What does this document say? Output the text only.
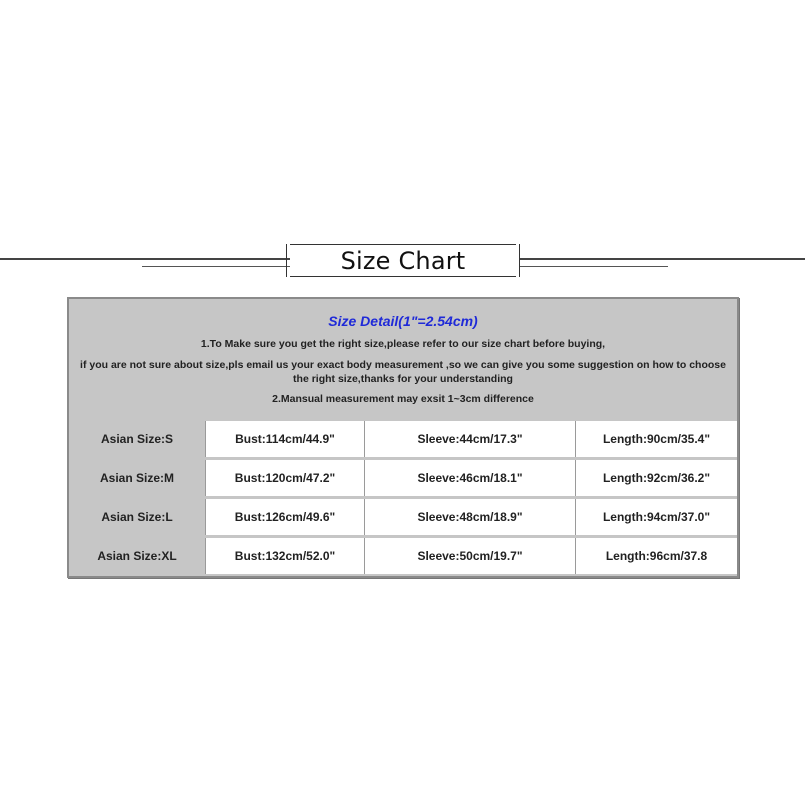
Size Chart
Size Detail(1"=2.54cm)
1.To Make sure you get the right size,please refer to our size chart before buying,
if you are not sure about size,pls email us your exact body measurement ,so we can give you some suggestion on how to choose the right size,thanks for your understanding
2.Mansual measurement may exsit 1~3cm difference
Asian Size:S	Bust:114cm/44.9"	Sleeve:44cm/17.3"	Length:90cm/35.4"
Asian Size:M	Bust:120cm/47.2"	Sleeve:46cm/18.1"	Length:92cm/36.2"
Asian Size:L	Bust:126cm/49.6"	Sleeve:48cm/18.9"	Length:94cm/37.0"
Asian Size:XL	Bust:132cm/52.0"	Sleeve:50cm/19.7"	Length:96cm/37.8
